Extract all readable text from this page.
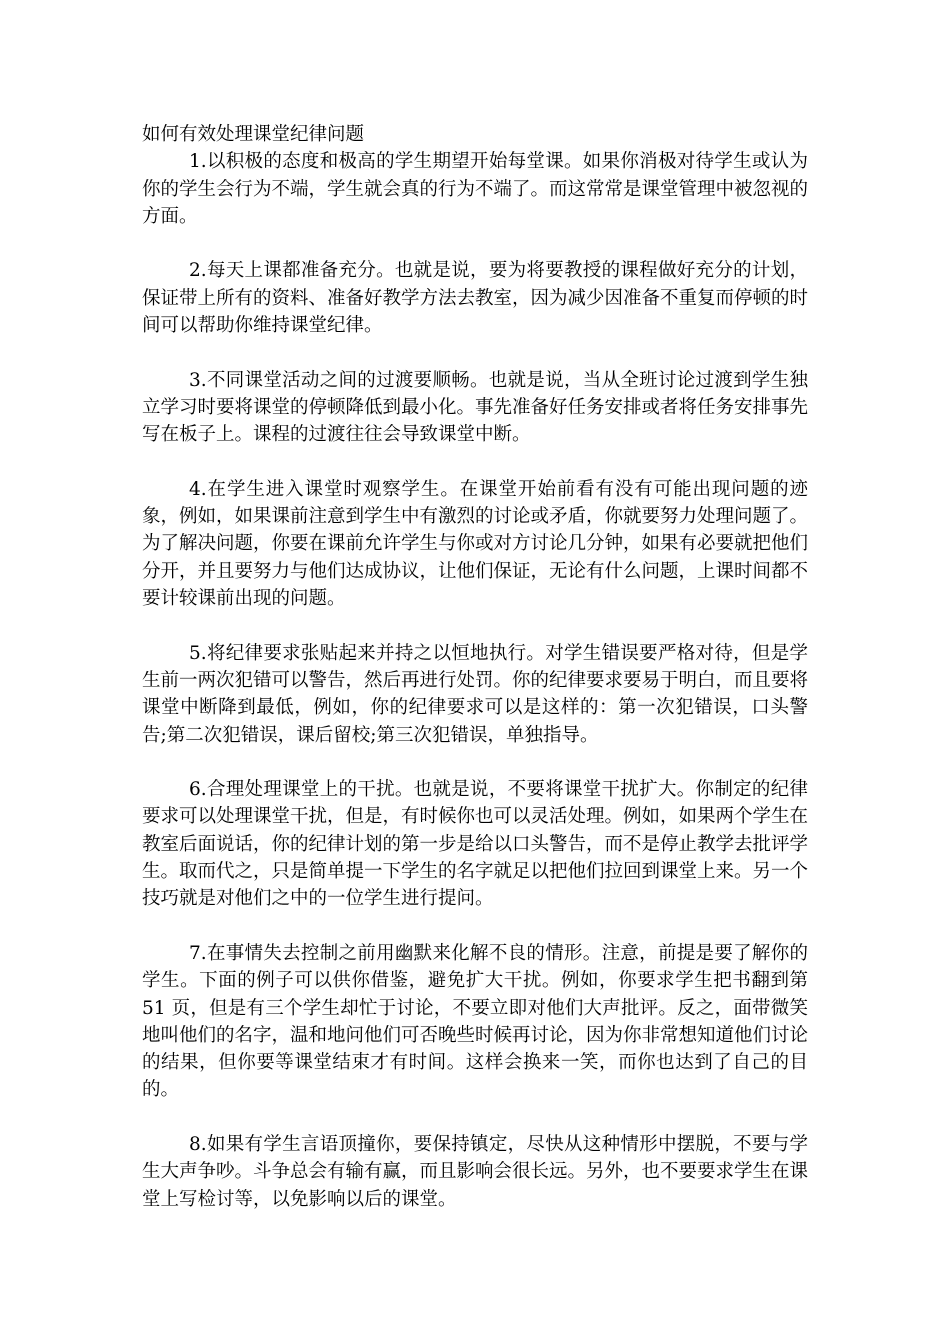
如何有效处理课堂纪律问题

1.以积极的态度和极高的学生期望开始每堂课。如果你消极对待学生或认为你的学生会行为不端，学生就会真的行为不端了。而这常常是课堂管理中被忽视的方面。

2.每天上课都准备充分。也就是说，要为将要教授的课程做好充分的计划，保证带上所有的资料、准备好教学方法去教室，因为减少因准备不重复而停顿的时间可以帮助你维持课堂纪律。

3.不同课堂活动之间的过渡要顺畅。也就是说，当从全班讨论过渡到学生独立学习时要将课堂的停顿降低到最小化。事先准备好任务安排或者将任务安排事先写在板子上。课程的过渡往往会导致课堂中断。

4.在学生进入课堂时观察学生。在课堂开始前看有没有可能出现问题的迹象，例如，如果课前注意到学生中有激烈的讨论或矛盾，你就要努力处理问题了。为了解决问题，你要在课前允许学生与你或对方讨论几分钟，如果有必要就把他们分开，并且要努力与他们达成协议，让他们保证，无论有什么问题，上课时间都不要计较课前出现的问题。

5.将纪律要求张贴起来并持之以恒地执行。对学生错误要严格对待，但是学生前一两次犯错可以警告，然后再进行处罚。你的纪律要求要易于明白，而且要将课堂中断降到最低，例如，你的纪律要求可以是这样的：第一次犯错误，口头警告;第二次犯错误，课后留校;第三次犯错误，单独指导。

6.合理处理课堂上的干扰。也就是说，不要将课堂干扰扩大。你制定的纪律要求可以处理课堂干扰，但是，有时候你也可以灵活处理。例如，如果两个学生在教室后面说话，你的纪律计划的第一步是给以口头警告，而不是停止教学去批评学生。取而代之，只是简单提一下学生的名字就足以把他们拉回到课堂上来。另一个技巧就是对他们之中的一位学生进行提问。

7.在事情失去控制之前用幽默来化解不良的情形。注意，前提是要了解你的学生。下面的例子可以供你借鉴，避免扩大干扰。例如，你要求学生把书翻到第 51 页，但是有三个学生却忙于讨论，不要立即对他们大声批评。反之，面带微笑地叫他们的名字，温和地问他们可否晚些时候再讨论，因为你非常想知道他们讨论的结果，但你要等课堂结束才有时间。这样会换来一笑，而你也达到了自己的目的。

8.如果有学生言语顶撞你，要保持镇定，尽快从这种情形中摆脱，不要与学生大声争吵。斗争总会有输有赢，而且影响会很长远。另外，也不要要求学生在课堂上写检讨等，以免影响以后的课堂。
